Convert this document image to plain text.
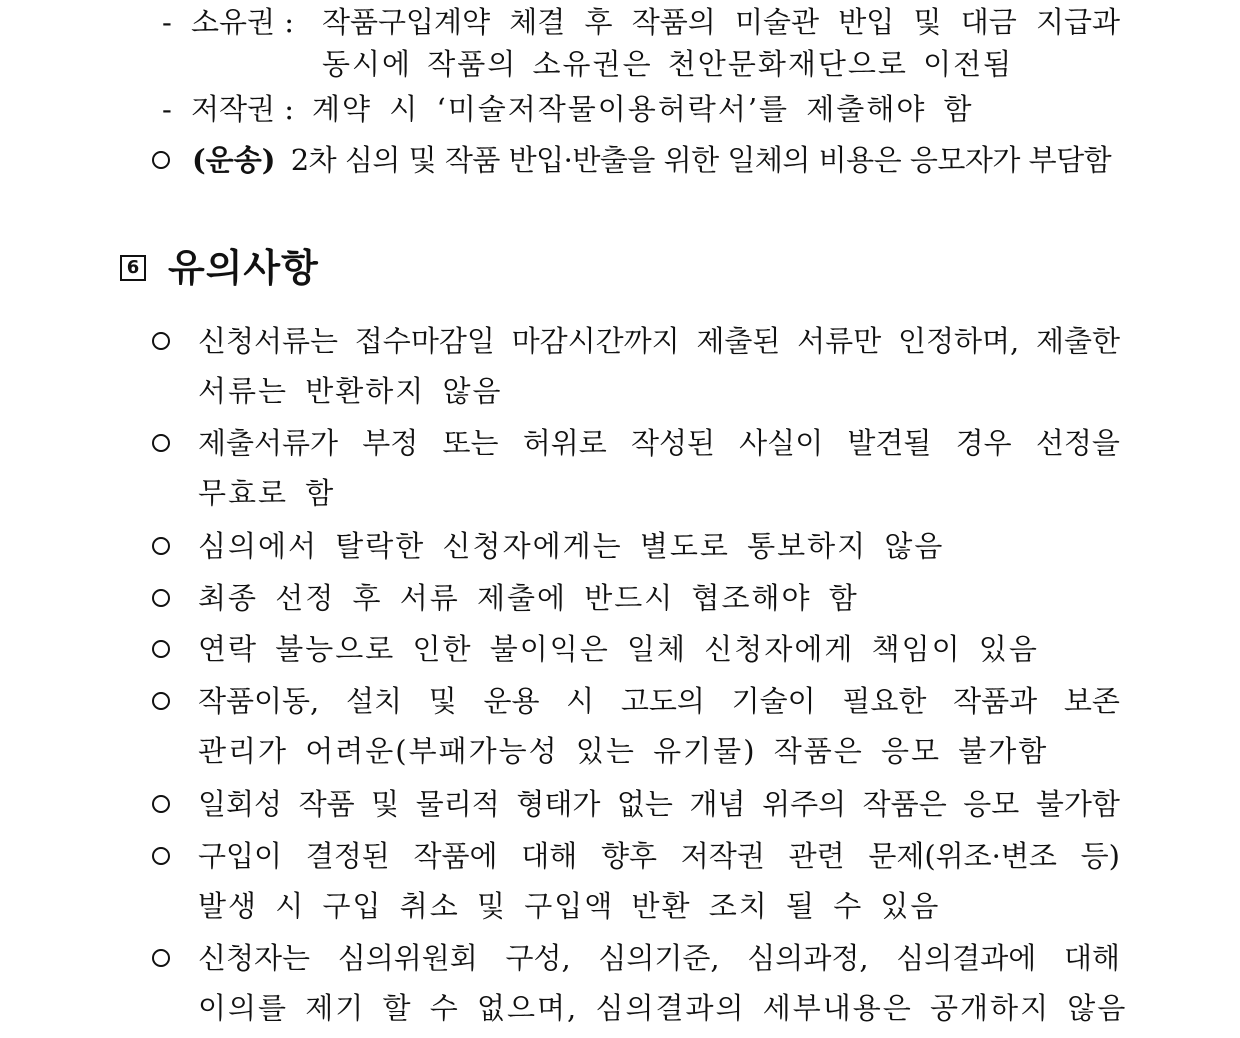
- 소유권 : 작품구입계약 체결 후 작품의 미술관 반입 및 대금 지급과
동시에 작품의 소유권은 천안문화재단으로 이전됨
- 저작권 : 계약 시 ‘미술저작물이용허락서’를 제출해야 함
(운송) 2차 심의 및 작품 반입·반출을 위한 일체의 비용은 응모자가 부담함
6 유의사항
신청서류는 접수마감일 마감시간까지 제출된 서류만 인정하며, 제출한
서류는 반환하지 않음
제출서류가 부정 또는 허위로 작성된 사실이 발견될 경우 선정을
무효로 함
심의에서 탈락한 신청자에게는 별도로 통보하지 않음
최종 선정 후 서류 제출에 반드시 협조해야 함
연락 불능으로 인한 불이익은 일체 신청자에게 책임이 있음
작품이동, 설치 및 운용 시 고도의 기술이 필요한 작품과 보존
관리가 어려운(부패가능성 있는 유기물) 작품은 응모 불가함
일회성 작품 및 물리적 형태가 없는 개념 위주의 작품은 응모 불가함
구입이 결정된 작품에 대해 향후 저작권 관련 문제(위조·변조 등)
발생 시 구입 취소 및 구입액 반환 조치 될 수 있음
신청자는 심의위원회 구성, 심의기준, 심의과정, 심의결과에 대해
이의를 제기 할 수 없으며, 심의결과의 세부내용은 공개하지 않음
